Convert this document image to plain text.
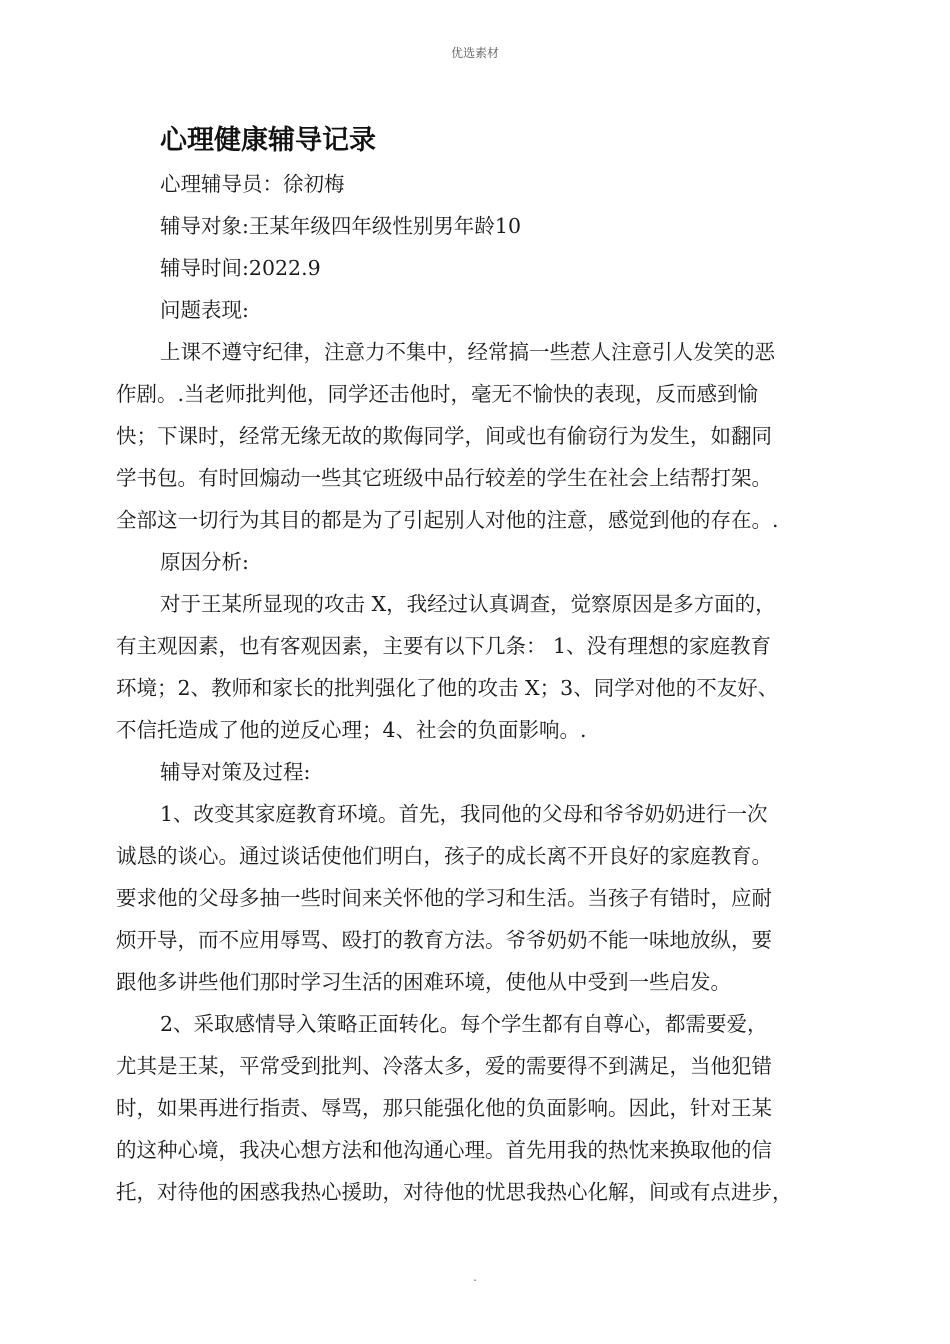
优选素材
心理健康辅导记录
心理辅导员：徐初梅
辅导对象:王某年级四年级性别男年龄10
辅导时间:2022.9
问题表现:
上课不遵守纪律，注意力不集中，经常搞一些惹人注意引人发笑的恶
作剧。.当老师批判他，同学还击他时，毫无不愉快的表现，反而感到愉
快；下课时，经常无缘无故的欺侮同学，间或也有偷窃行为发生，如翻同
学书包。有时回煽动一些其它班级中品行较差的学生在社会上结帮打架。
全部这一切行为其目的都是为了引起别人对他的注意，感觉到他的存在。.
原因分析:
对于王某所显现的攻击 X，我经过认真调查，觉察原因是多方面的，
有主观因素，也有客观因素，主要有以下几条： 1、没有理想的家庭教育
环境；2、教师和家长的批判强化了他的攻击 X；3、同学对他的不友好、
不信托造成了他的逆反心理；4、社会的负面影响。.
辅导对策及过程:
1、改变其家庭教育环境。首先，我同他的父母和爷爷奶奶进行一次
诚恳的谈心。通过谈话使他们明白，孩子的成长离不开良好的家庭教育。
要求他的父母多抽一些时间来关怀他的学习和生活。当孩子有错时，应耐
烦开导，而不应用辱骂、殴打的教育方法。爷爷奶奶不能一味地放纵，要
跟他多讲些他们那时学习生活的困难环境，使他从中受到一些启发。
2、采取感情导入策略正面转化。每个学生都有自尊心，都需要爱，
尤其是王某，平常受到批判、冷落太多，爱的需要得不到满足，当他犯错
时，如果再进行指责、辱骂，那只能强化他的负面影响。因此，针对王某
的这种心境，我决心想方法和他沟通心理。首先用我的热忱来换取他的信
托，对待他的困惑我热心援助，对待他的忧思我热心化解，间或有点进步，
.
